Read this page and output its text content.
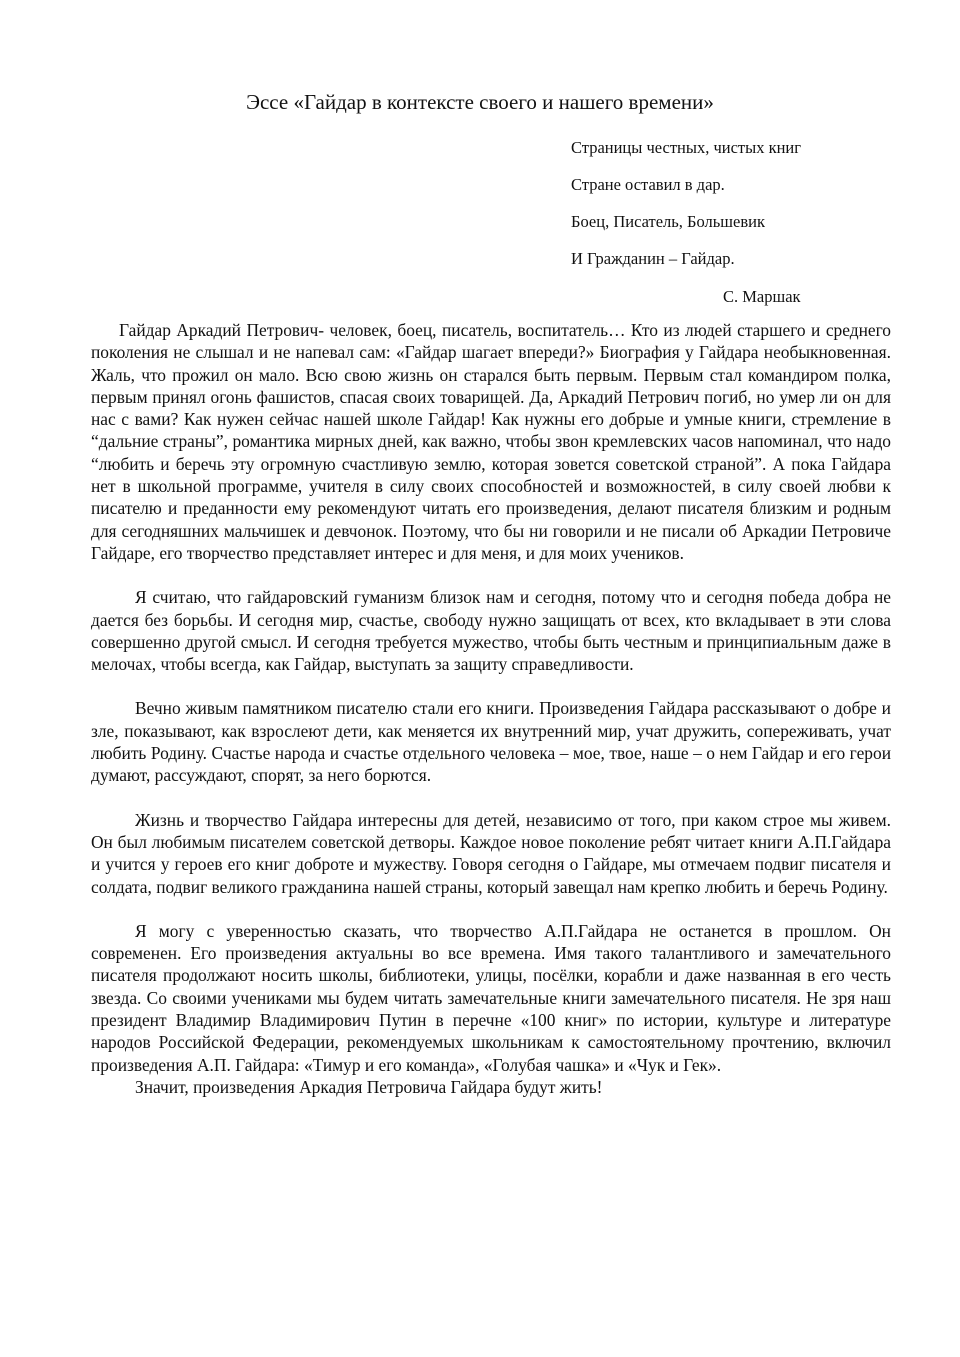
Эссе «Гайдар в контексте своего и нашего времени»
Страницы честных, чистых книг
Стране оставил в дар.
Боец, Писатель, Большевик
И Гражданин – Гайдар.
С. Маршак

Гайдар Аркадий Петрович- человек, боец, писатель, воспитатель… Кто из людей старшего и среднего поколения не слышал и не напевал сам: «Гайдар шагает впереди?» Биография у Гайдара необыкновенная. Жаль, что прожил он мало. Всю свою жизнь он старался быть первым. Первым стал командиром полка, первым принял огонь фашистов, спасая своих товарищей. Да, Аркадий Петрович погиб, но умер ли он для нас с вами? Как нужен сейчас нашей школе Гайдар! Как нужны его добрые и умные книги, стремление в “дальние страны”, романтика мирных дней, как важно, чтобы звон кремлевских часов напоминал, что надо “любить и беречь эту огромную счастливую землю, которая зовется советской страной”. А пока Гайдара нет в школьной программе, учителя в силу своих способностей и возможностей, в силу своей любви к писателю и преданности ему рекомендуют читать его произведения, делают писателя близким и родным для сегодняшних мальчишек и девчонок. Поэтому, что бы ни говорили и не писали об Аркадии Петровиче Гайдаре, его творчество представляет интерес и для меня, и для моих учеников.

Я считаю, что гайдаровский гуманизм близок нам и сегодня, потому что и сегодня победа добра не дается без борьбы. И сегодня мир, счастье, свободу нужно защищать от всех, кто вкладывает в эти слова совершенно другой смысл. И сегодня требуется мужество, чтобы быть честным и принципиальным даже в мелочах, чтобы всегда, как Гайдар, выступать за защиту справедливости.

Вечно живым памятником писателю стали его книги. Произведения Гайдара рассказывают о добре и зле, показывают, как взрослеют дети, как меняется их внутренний мир, учат дружить, сопереживать, учат любить Родину. Счастье народа и счастье отдельного человека – мое, твое, наше – о нем Гайдар и его герои думают, рассуждают, спорят, за него борются.

Жизнь и творчество Гайдара интересны для детей, независимо от того, при каком строе мы живем. Он был любимым писателем советской детворы. Каждое новое поколение ребят читает книги А.П.Гайдара и учится у героев его книг доброте и мужеству. Говоря сегодня о Гайдаре, мы отмечаем подвиг писателя и солдата, подвиг великого гражданина нашей страны, который завещал нам крепко любить и беречь Родину.

Я могу с уверенностью сказать, что творчество А.П.Гайдара не останется в прошлом. Он современен. Его произведения актуальны во все времена. Имя такого талантливого и замечательного писателя продолжают носить школы, библиотеки, улицы, посёлки, корабли и даже названная в его честь звезда. Со своими учениками мы будем читать замечательные книги замечательного писателя. Не зря наш президент Владимир Владимирович Путин в перечне «100 книг» по истории, культуре и литературе народов Российской Федерации, рекомендуемых школьникам к самостоятельному прочтению, включил произведения А.П. Гайдара: «Тимур и его команда», «Голубая чашка» и «Чук и Гек».

Значит, произведения Аркадия Петровича Гайдара будут жить!
